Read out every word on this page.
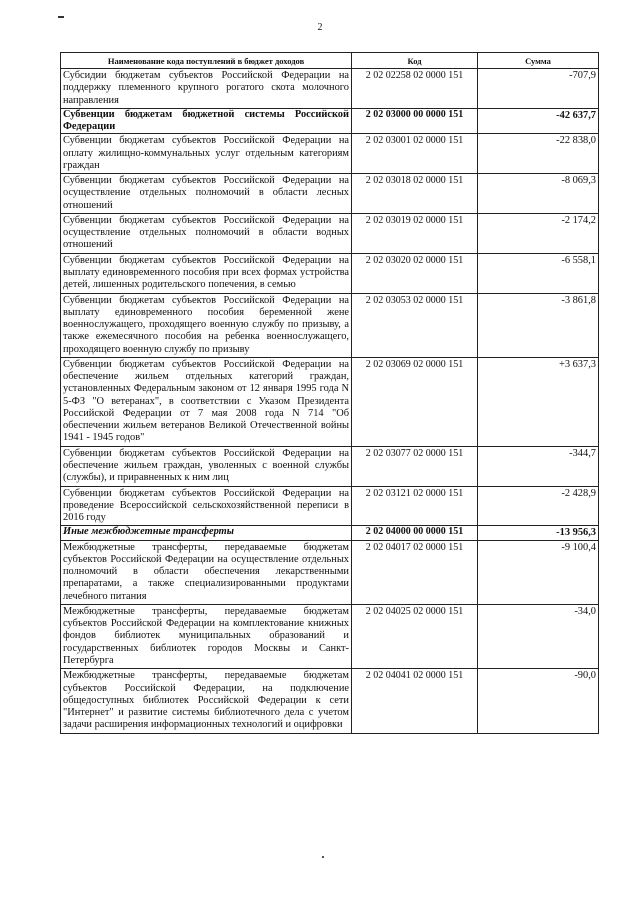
2
Наименование кода поступлений в бюджет доходов	Код	Сумма
Субсидии бюджетам субъектов Российской Федерации на поддержку племенного крупного рогатого скота молочного направления	2 02 02258 02 0000 151	-707,9
Субвенции бюджетам бюджетной системы Российской Федерации	2 02 03000 00 0000 151	-42 637,7
Субвенции бюджетам субъектов Российской Федерации на оплату жилищно-коммунальных услуг отдельным категориям граждан	2 02 03001 02 0000 151	-22 838,0
Субвенции бюджетам субъектов Российской Федерации на осуществление отдельных полномочий в области лесных отношений	2 02 03018 02 0000 151	-8 069,3
Субвенции бюджетам субъектов Российской Федерации на осуществление отдельных полномочий в области водных отношений	2 02 03019 02 0000 151	-2 174,2
Субвенции бюджетам субъектов Российской Федерации на выплату единовременного пособия при всех формах устройства детей, лишенных родительского попечения, в семью	2 02 03020 02 0000 151	-6 558,1
Субвенции бюджетам субъектов Российской Федерации на выплату единовременного пособия беременной жене военнослужащего, проходящего военную службу по призыву, а также ежемесячного пособия на ребенка военнослужащего, проходящего военную службу по призыву	2 02 03053 02 0000 151	-3 861,8
Субвенции бюджетам субъектов Российской Федерации на обеспечение жильем отдельных категорий граждан, установленных Федеральным законом от 12 января 1995 года N 5-ФЗ "О ветеранах", в соответствии с Указом Президента Российской Федерации от 7 мая 2008 года N 714 "Об обеспечении жильем ветеранов Великой Отечественной войны 1941 - 1945 годов"	2 02 03069 02 0000 151	+3 637,3
Субвенции бюджетам субъектов Российской Федерации на обеспечение жильем граждан, уволенных с военной службы (службы), и приравненных к ним лиц	2 02 03077 02 0000 151	-344,7
Субвенции бюджетам субъектов Российской Федерации на проведение Всероссийской сельскохозяйственной переписи в 2016 году	2 02 03121 02 0000 151	-2 428,9
Иные межбюджетные трансферты	2 02 04000 00 0000 151	-13 956,3
Межбюджетные трансферты, передаваемые бюджетам субъектов Российской Федерации на осуществление отдельных полномочий в области обеспечения лекарственными препаратами, а также специализированными продуктами лечебного питания	2 02 04017 02 0000 151	-9 100,4
Межбюджетные трансферты, передаваемые бюджетам субъектов Российской Федерации на комплектование книжных фондов библиотек муниципальных образований и государственных библиотек городов Москвы и Санкт-Петербурга	2 02 04025 02 0000 151	-34,0
Межбюджетные трансферты, передаваемые бюджетам субъектов Российской Федерации, на подключение общедоступных библиотек Российской Федерации к сети "Интернет" и развитие системы библиотечного дела с учетом задачи расширения информационных технологий и оцифровки	2 02 04041 02 0000 151	-90,0
